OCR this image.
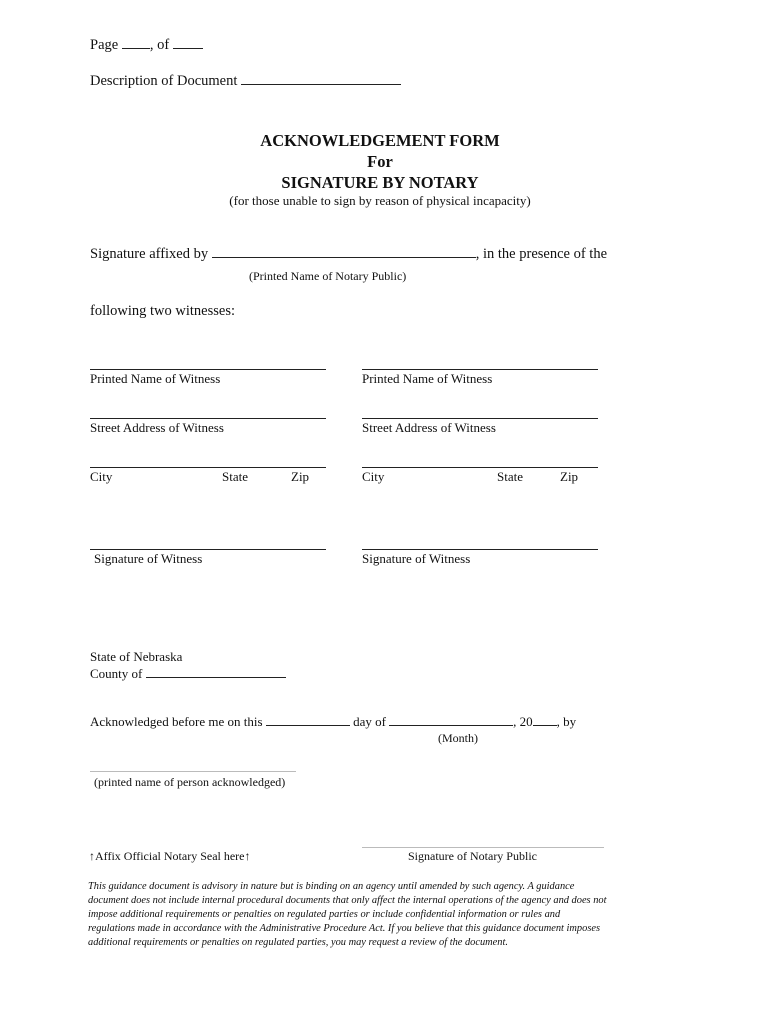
Page , of
Description of Document
ACKNOWLEDGEMENT FORM
For
SIGNATURE BY NOTARY
(for those unable to sign by reason of physical incapacity)
Signature affixed by	, in the presence of the
(Printed Name of Notary Public)
following two witnesses:
Printed Name of Witness
Street Address of Witness
City	State	Zip
Signature of Witness
Printed Name of Witness
Street Address of Witness
City	State	Zip
Signature of Witness
State of Nebraska
County of
Acknowledged before me on this	day of	, 20 , by
(Month)
(printed name of person acknowledged)
↑Affix Official Notary Seal here↑	Signature of Notary Public
This guidance document is advisory in nature but is binding on an agency until amended by such agency. A guidance document does not include internal procedural documents that only affect the internal operations of the agency and does not impose additional requirements or penalties on regulated parties or include confidential information or rules and regulations made in accordance with the Administrative Procedure Act. If you believe that this guidance document imposes additional requirements or penalties on regulated parties, you may request a review of the document.
